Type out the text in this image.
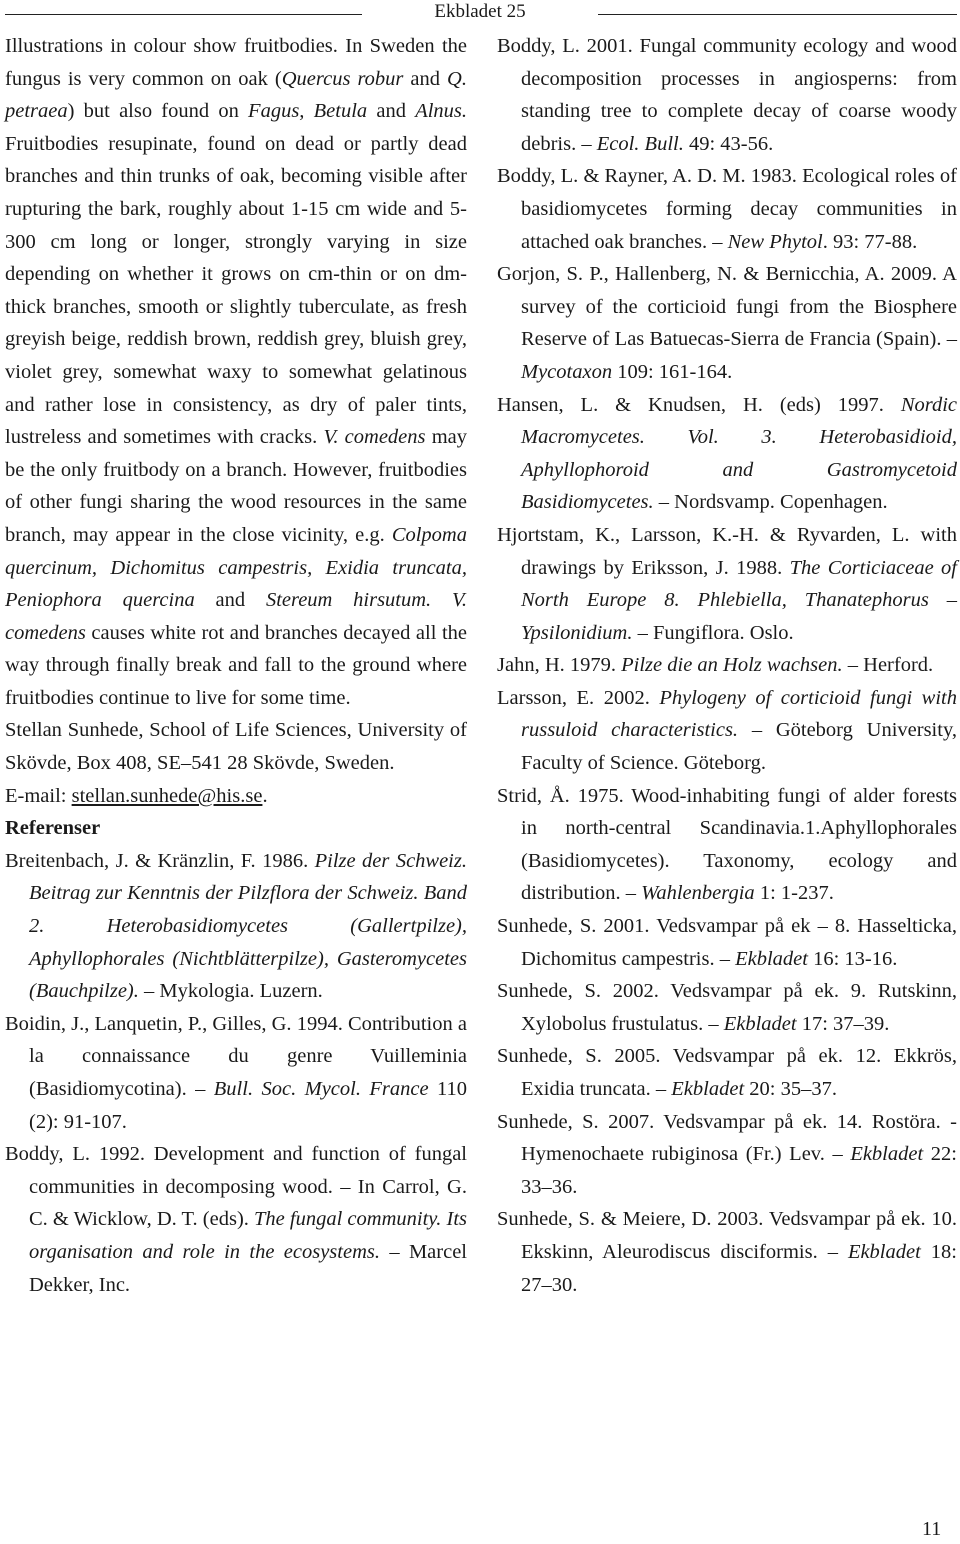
Ekbladet 25

Illustrations in colour show fruitbodies. In Sweden the fungus is very common on oak (Quercus robur and Q. petraea) but also found on Fagus, Betula and Alnus. Fruitbodies resupinate, found on dead or partly dead branches and thin trunks of oak, becoming visible after rupturing the bark, roughly about 1-15 cm wide and 5-300 cm long or longer, strongly varying in size depending on whether it grows on cm-thin or on dm-thick branches, smooth or slightly tuberculate, as fresh greyish beige, reddish brown, reddish grey, bluish grey, violet grey, somewhat waxy to somewhat gelatinous and rather lose in consistency, as dry of paler tints, lustreless and sometimes with cracks. V. comedens may be the only fruitbody on a branch. However, fruitbodies of other fungi sharing the wood resources in the same branch, may appear in the close vicinity, e.g. Colpoma quercinum, Dichomitus campestris, Exidia truncata, Peniophora quercina and Stereum hirsutum. V. comedens causes white rot and branches decayed all the way through finally break and fall to the ground where fruitbodies continue to live for some time.

Stellan Sunhede, School of Life Sciences, University of Skövde, Box 408, SE–541 28 Skövde, Sweden.

E-mail: stellan.sunhede@his.se.

Referenser

Breitenbach, J. & Kränzlin, F. 1986. Pilze der Schweiz. Beitrag zur Kenntnis der Pilzflora der Schweiz. Band 2. Heterobasidiomycetes (Gallertpilze), Aphyllophorales (Nichtblätterpilze), Gasteromycetes (Bauchpilze). – Mykologia. Luzern.

Boidin, J., Lanquetin, P., Gilles, G. 1994. Contribution a la connaissance du genre Vuilleminia (Basidiomycotina). – Bull. Soc. Mycol. France 110 (2): 91-107.

Boddy, L. 1992. Development and function of fungal communities in decomposing wood. – In Carrol, G. C. & Wicklow, D. T. (eds). The fungal community. Its organisation and role in the ecosystems. – Marcel Dekker, Inc.

Boddy, L. 2001. Fungal community ecology and wood decomposition processes in angiosperns: from standing tree to complete decay of coarse woody debris. – Ecol. Bull. 49: 43-56.

Boddy, L. & Rayner, A. D. M. 1983. Ecological roles of basidiomycetes forming decay communities in attached oak branches. – New Phytol. 93: 77-88.

Gorjon, S. P., Hallenberg, N. & Bernicchia, A. 2009. A survey of the corticioid fungi from the Biosphere Reserve of Las Batuecas-Sierra de Francia (Spain). – Mycotaxon 109: 161-164.

Hansen, L. & Knudsen, H. (eds) 1997. Nordic Macromycetes. Vol. 3. Heterobasidioid, Aphyllophoroid and Gastromycetoid Basidiomycetes. – Nordsvamp. Copenhagen.

Hjortstam, K., Larsson, K.-H. & Ryvarden, L. with drawings by Eriksson, J. 1988. The Corticiaceae of North Europe 8. Phlebiella, Thanatephorus – Ypsilonidium. – Fungiflora. Oslo.

Jahn, H. 1979. Pilze die an Holz wachsen. – Herford.

Larsson, E. 2002. Phylogeny of corticioid fungi with russuloid characteristics. – Göteborg University, Faculty of Science. Göteborg.

Strid, Å. 1975. Wood-inhabiting fungi of alder forests in north-central Scandinavia.1.Aphyllophorales (Basidiomycetes). Taxonomy, ecology and distribution. – Wahlenbergia 1: 1-237.

Sunhede, S. 2001. Vedsvampar på ek – 8. Hasselticka, Dichomitus campestris. – Ekbladet 16: 13-16.

Sunhede, S. 2002. Vedsvampar på ek. 9. Rutskinn, Xylobolus frustulatus. – Ekbladet 17: 37–39.

Sunhede, S. 2005. Vedsvampar på ek. 12. Ekkrös, Exidia truncata. – Ekbladet 20: 35–37.

Sunhede, S. 2007. Vedsvampar på ek. 14. Rostöra. - Hymenochaete rubiginosa (Fr.) Lev. – Ekbladet 22: 33–36.

Sunhede, S. & Meiere, D. 2003. Vedsvampar på ek. 10. Ekskinn, Aleurodiscus disciformis. – Ekbladet 18: 27–30.

11
